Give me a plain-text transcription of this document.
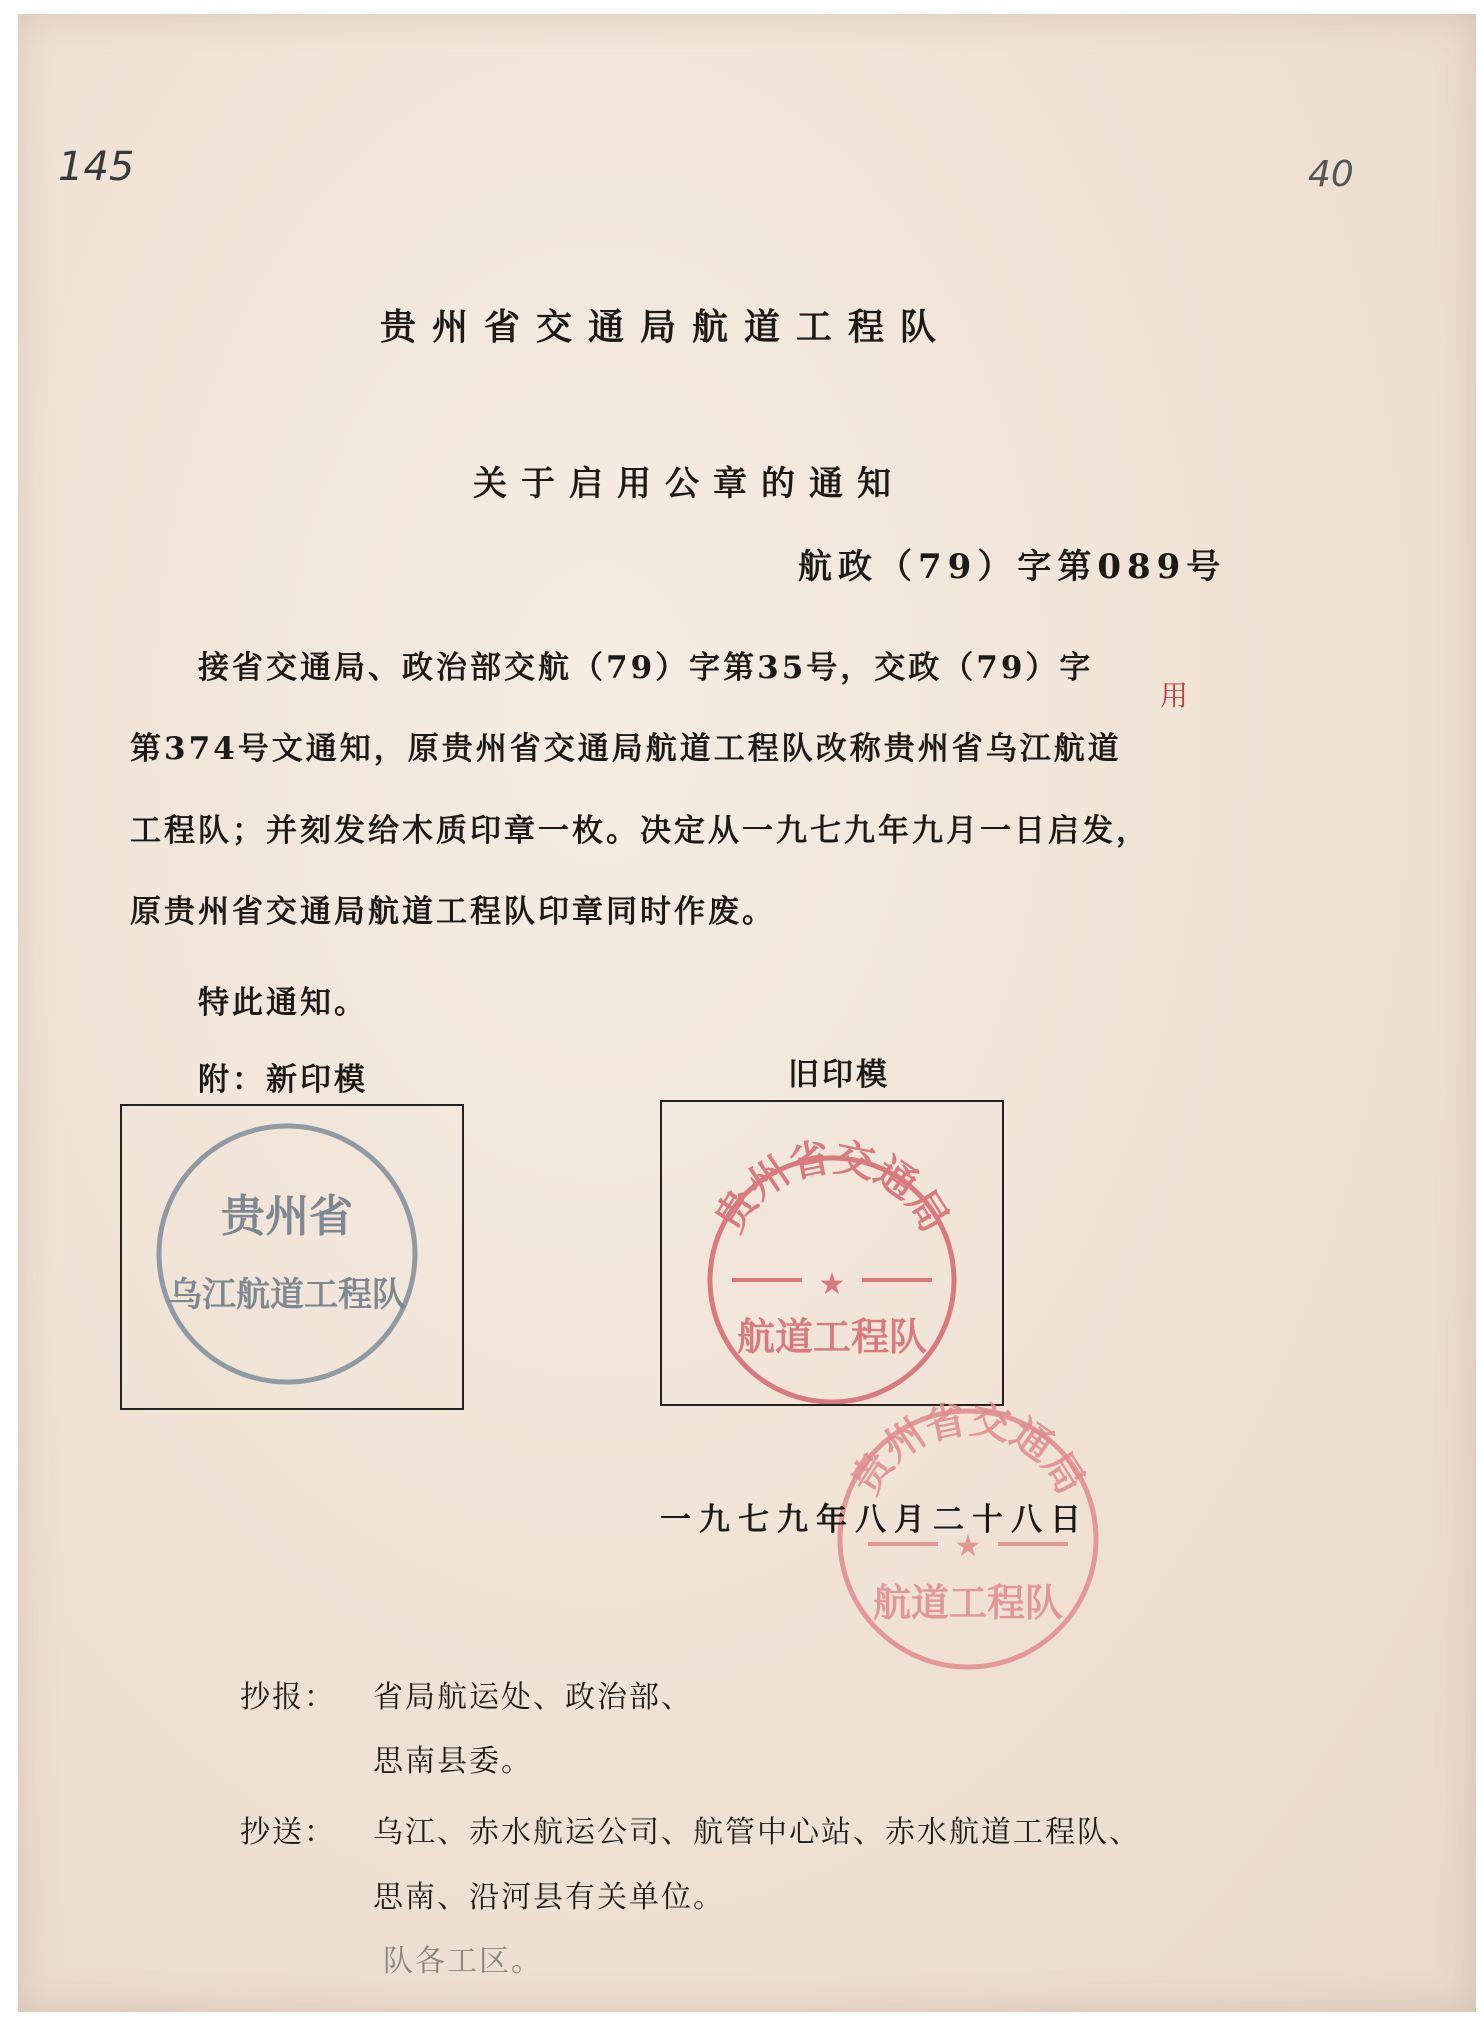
145	40
贵州省交通局航道工程队
关于启用公章的通知
航政（79）字第089号
接省交通局、政治部交航（79）字第35号，交政（79）字
第374号文通知，原贵州省交通局航道工程队改称贵州省乌江航道
用
工程队；并刻发给木质印章一枚。决定从一九七九年九月一日启发，
原贵州省交通局航道工程队印章同时作废。
特此通知。
附：新印模	旧印模
贵州省
乌江航道工程队
贵州省交通局
★
航道工程队
贵州省交通局
★
航道工程队
一九七九年八月二十八日
抄报： 省局航运处、政治部、
思南县委。
抄送： 乌江、赤水航运公司、航管中心站、赤水航道工程队、
思南、沿河县有关单位。
队各工区。
